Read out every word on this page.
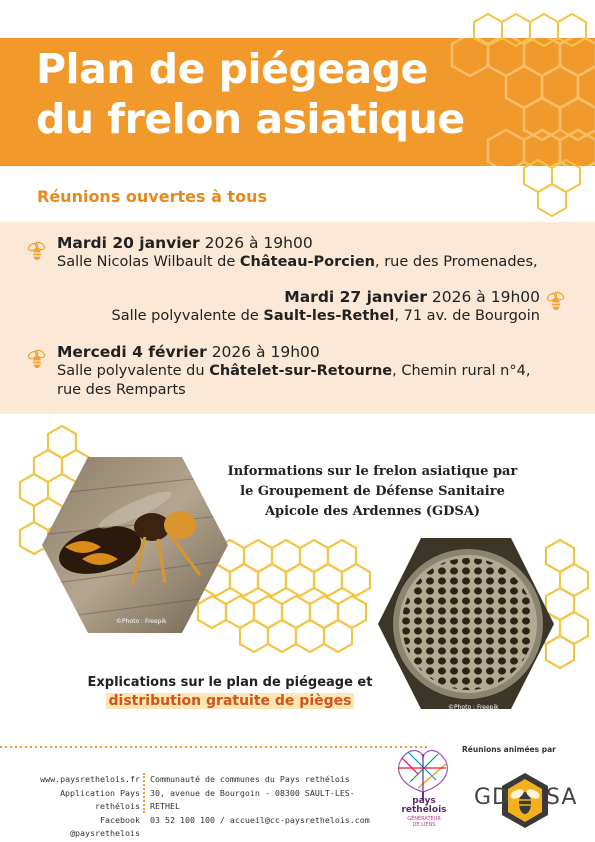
Plan de piégeage
du frelon asiatique
Réunions ouvertes à tous
Mardi 20 janvier 2026 à 19h00
Salle Nicolas Wilbault de Château-Porcien, rue des Promenades,
Mardi 27 janvier 2026 à 19h00
Salle polyvalente de Sault-les-Rethel, 71 av. de Bourgoin
Mercedi 4 février 2026 à 19h00
Salle polyvalente du Châtelet-sur-Retourne, Chemin rural n°4,
rue des Remparts
©Photo : Freepik
©Photo : Freepik
Informations sur le frelon asiatique par
le Groupement de Défense Sanitaire
Apicole des Ardennes (GDSA)
Explications sur le plan de piégeage et
distribution gratuite de pièges
www.paysrethelois.fr
Application Pays rethélois
Facebook @paysrethelois
Communauté de communes du Pays rethélois
30, avenue de Bourgoin - 08300 SAULT-LES-RETHEL
03 52 100 100 / accueil@cc-paysrethelois.com
pays
rethélois
GÉNÉRATEUR
DE LIENS
Réunions animées par
GD SA
